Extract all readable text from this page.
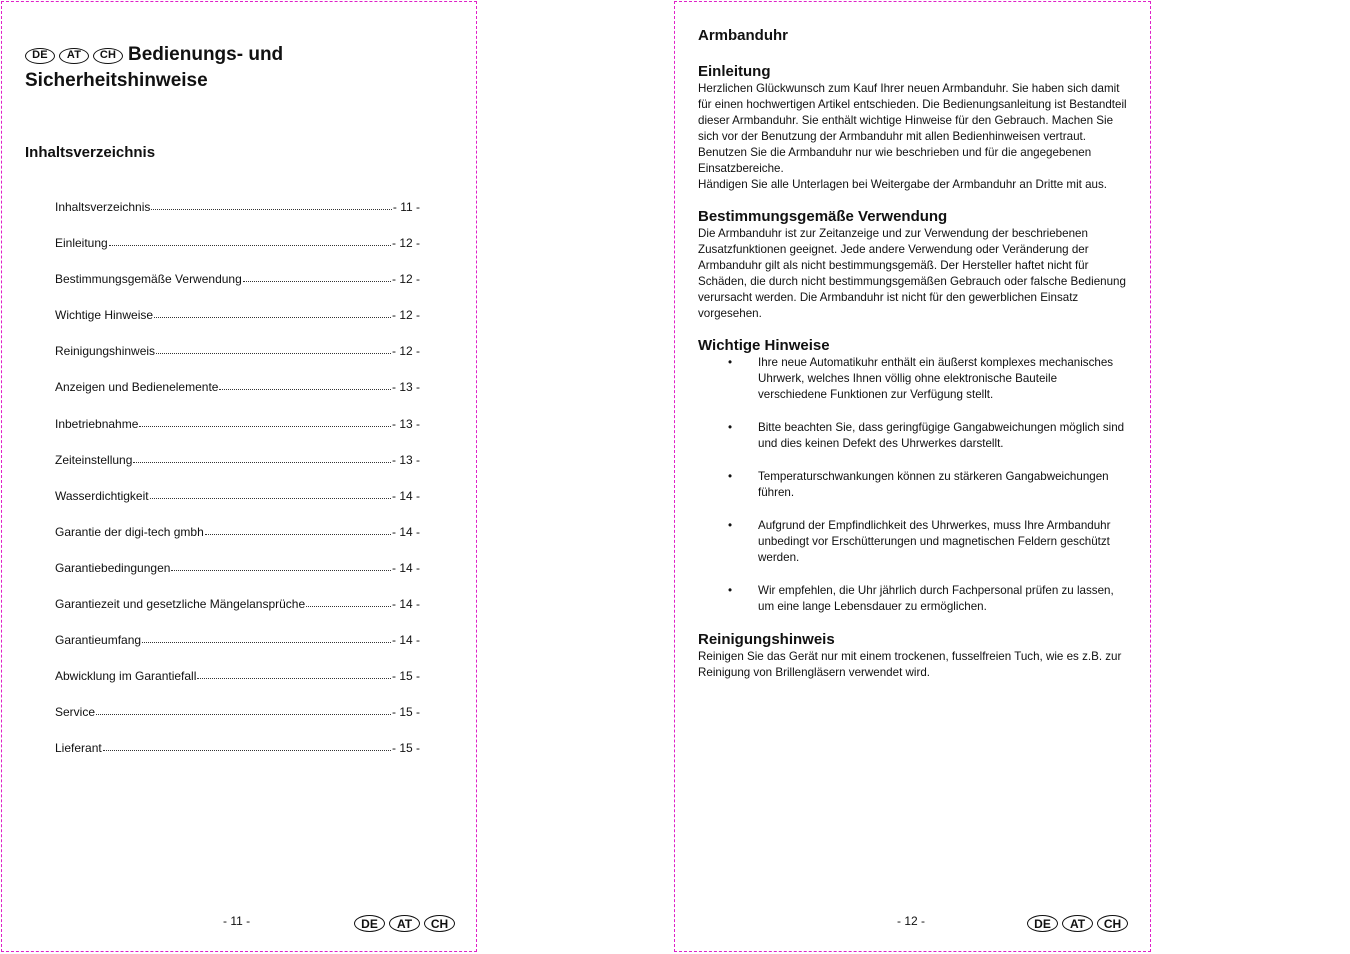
DE	AT	CH Bedienungs- und Sicherheitshinweise
Inhaltsverzeichnis
Inhaltsverzeichnis	- 11 -
Einleitung	- 12 -
Bestimmungsgemäße Verwendung	- 12 -
Wichtige Hinweise	- 12 -
Reinigungshinweis	- 12 -
Anzeigen und Bedienelemente	- 13 -
Inbetriebnahme	- 13 -
Zeiteinstellung	- 13 -
Wasserdichtigkeit	- 14 -
Garantie der digi-tech gmbh	- 14 -
Garantiebedingungen	- 14 -
Garantiezeit und gesetzliche Mängelansprüche	- 14 -
Garantieumfang	- 14 -
Abwicklung im Garantiefall	- 15 -
Service	- 15 -
Lieferant	- 15 -
- 11 -	DE	AT	CH
Armbanduhr
Einleitung

Herzlichen Glückwunsch zum Kauf Ihrer neuen Armbanduhr. Sie haben sich damit für einen hochwertigen Artikel entschieden. Die Bedienungsanleitung ist Bestandteil dieser Armbanduhr. Sie enthält wichtige Hinweise für den Gebrauch. Machen Sie sich vor der Benutzung der Armbanduhr mit allen Bedienhinweisen vertraut. Benutzen Sie die Armbanduhr nur wie beschrieben und für die angegebenen Einsatzbereiche.

Händigen Sie alle Unterlagen bei Weitergabe der Armbanduhr an Dritte mit aus.

Bestimmungsgemäße Verwendung
Die Armbanduhr ist zur Zeitanzeige und zur Verwendung der beschriebenen Zusatzfunktionen geeignet. Jede andere Verwendung oder Veränderung der Armbanduhr gilt als nicht bestimmungsgemäß. Der Hersteller haftet nicht für Schäden, die durch nicht bestimmungsgemäßen Gebrauch oder falsche Bedienung verursacht werden. Die Armbanduhr ist nicht für den gewerblichen Einsatz vorgesehen.
Wichtige Hinweise
• Ihre neue Automatikuhr enthält ein äußerst komplexes mechanisches Uhrwerk, welches Ihnen völlig ohne elektronische Bauteile verschiedene Funktionen zur Verfügung stellt.
• Bitte beachten Sie, dass geringfügige Gangabweichungen möglich sind und dies keinen Defekt des Uhrwerkes darstellt.
• Temperaturschwankungen können zu stärkeren Gangabweichungen führen.
• Aufgrund der Empfindlichkeit des Uhrwerkes, muss Ihre Armbanduhr unbedingt vor Erschütterungen und magnetischen Feldern geschützt werden.
• Wir empfehlen, die Uhr jährlich durch Fachpersonal prüfen zu lassen, um eine lange Lebensdauer zu ermöglichen.
Reinigungshinweis
Reinigen Sie das Gerät nur mit einem trockenen, fusselfreien Tuch, wie es z.B. zur Reinigung von Brillengläsern verwendet wird.
- 12 -	DE	AT	CH
